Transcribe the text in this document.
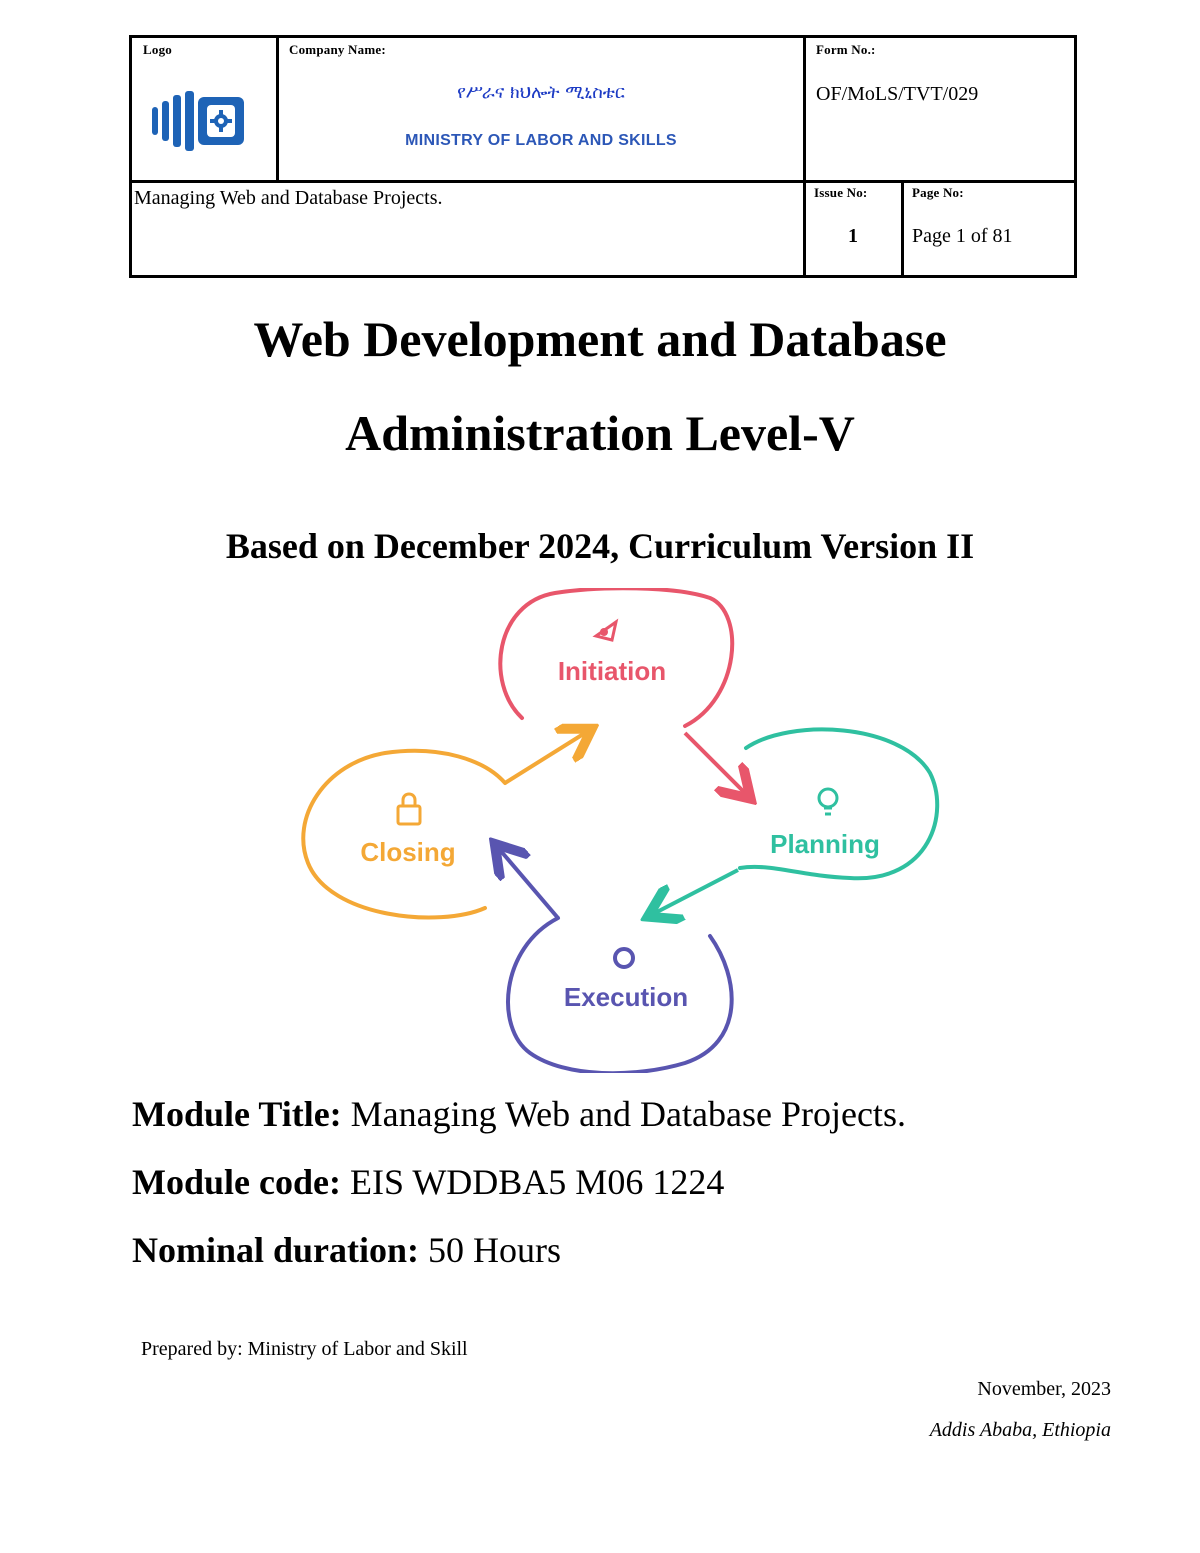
Logo	Company Name:
የሥራና ክህሎት ሚኒስቴር
MINISTRY OF LABOR AND SKILLS
Form No.:
OF/MoLS/TVT/029
Managing Web and Database Projects.	Issue No:
1
Page No:
Page 1 of 81
Web Development and Database
Administration Level-V
Based on December 2024, Curriculum Version II
Initiation
Planning
Execution
Closing
Module Title: Managing Web and Database Projects.
Module code: EIS WDDBA5 M06 1224
Nominal duration: 50 Hours
Prepared by: Ministry of Labor and Skill
November, 2023
Addis Ababa, Ethiopia
